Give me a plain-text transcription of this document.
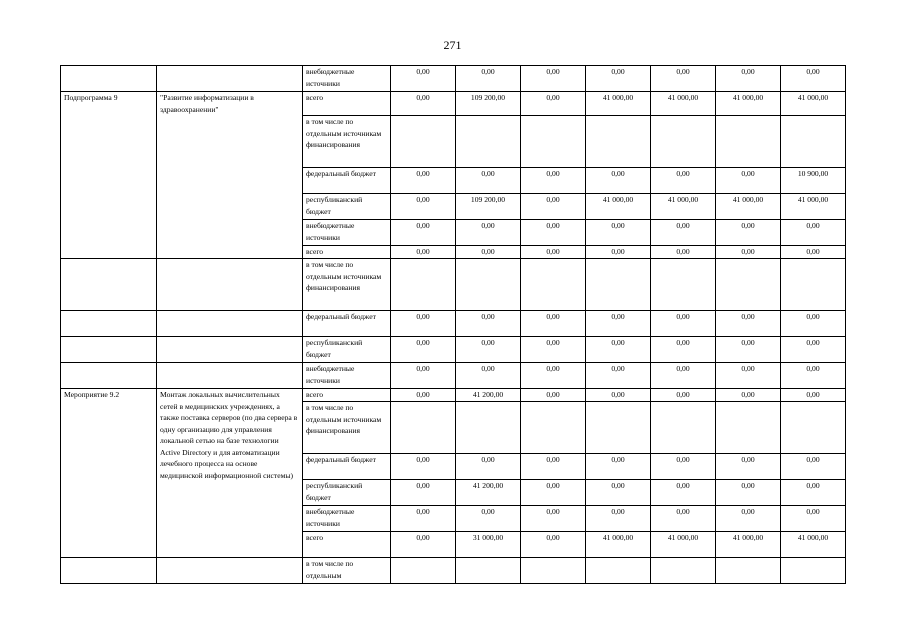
271
		внебюджетные источники	0,00	0,00	0,00	0,00	0,00	0,00	0,00
Подпрограмма 9	"Развитие информатизации в здравоохранении"	всего	0,00	109 200,00	0,00	41 000,00	41 000,00	41 000,00	41 000,00
		в том числе по отдельным источникам финансирования							
		федеральный бюджет	0,00	0,00	0,00	0,00	0,00	0,00	10 900,00
		республиканский бюджет	0,00	109 200,00	0,00	41 000,00	41 000,00	41 000,00	41 000,00
		внебюджетные источники	0,00	0,00	0,00	0,00	0,00	0,00	0,00
		всего	0,00	0,00	0,00	0,00	0,00	0,00	0,00
		в том числе по отдельным источникам финансирования							
		федеральный бюджет	0,00	0,00	0,00	0,00	0,00	0,00	0,00
		республиканский бюджет	0,00	0,00	0,00	0,00	0,00	0,00	0,00
		внебюджетные источники	0,00	0,00	0,00	0,00	0,00	0,00	0,00
Мероприятие 9.2	Монтаж локальных вычислительных сетей в медицинских учреждениях, а также поставка серверов (по два сервера в одну организацию для управления локальной сетью на базе технологии Active Directory и для автоматизации лечебного процесса на основе медицинской информационной системы)	всего	0,00	41 200,00	0,00	0,00	0,00	0,00	0,00
		в том числе по отдельным источникам финансирования							
		федеральный бюджет	0,00	0,00	0,00	0,00	0,00	0,00	0,00
		республиканский бюджет	0,00	41 200,00	0,00	0,00	0,00	0,00	0,00
		внебюджетные источники	0,00	0,00	0,00	0,00	0,00	0,00	0,00
		всего	0,00	31 000,00	0,00	41 000,00	41 000,00	41 000,00	41 000,00
		в том числе по отдельным							
